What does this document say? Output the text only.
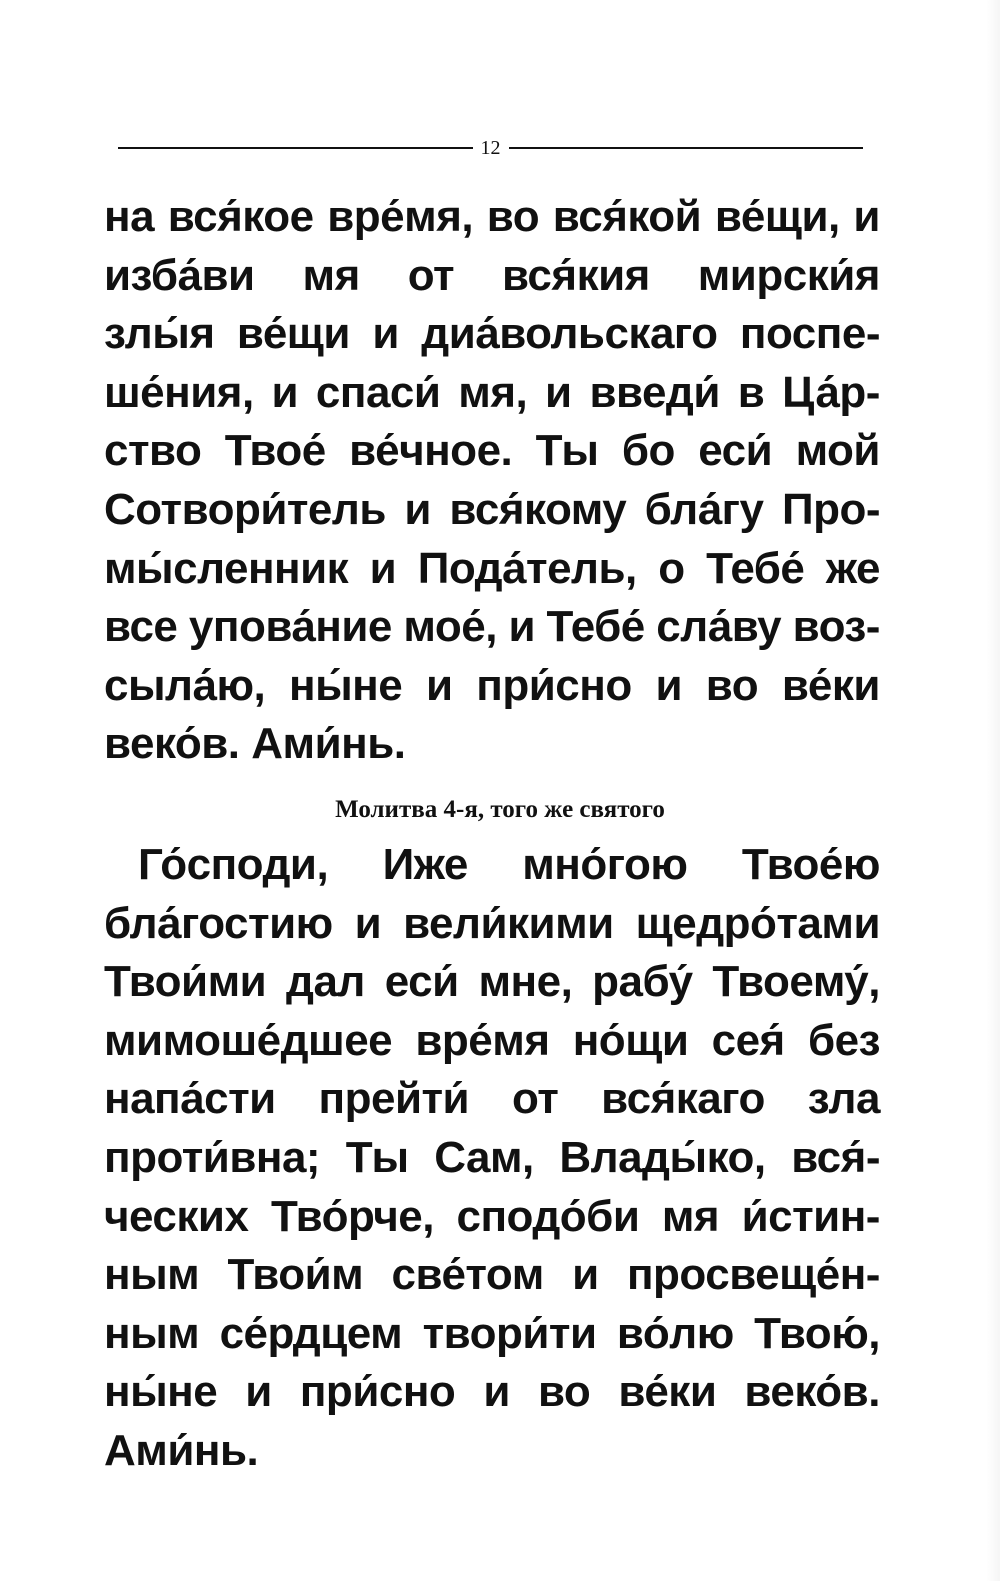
12
на вся́кое вре́мя, во вся́кой ве́щи, и
изба́ви мя от вся́кия мирски́я
злы́я ве́щи и диа́вольскаго поспе-
ше́ния, и спаси́ мя, и введи́ в Ца́р-
ство Твое́ ве́чное. Ты бо еси́ мой
Сотвори́тель и вся́кому бла́гу Про-
мы́сленник и Пода́тель, о Тебе́ же
все упова́ние мое́, и Тебе́ сла́ву воз-
сыла́ю, ны́не и при́сно и во ве́ки
веко́в.
Ами́нь.
Молитва 4-я, того же святого
Го́споди, Иже мно́гою Твое́ю
бла́гостию и вели́кими щедро́тами
Твои́ми дал еси́ мне, рабу́ Твоему́,
мимоше́дшее вре́мя но́щи сея́ без
напа́сти прейти́ от вся́каго зла
проти́вна; Ты Сам, Влады́ко, вся́-
ческих Тво́рче, сподо́би мя и́стин-
ным Твои́м све́том и просвеще́н-
ным се́рдцем твори́ти во́лю Твою́,
ны́не и при́сно и во ве́ки веко́в.
Ами́нь.
